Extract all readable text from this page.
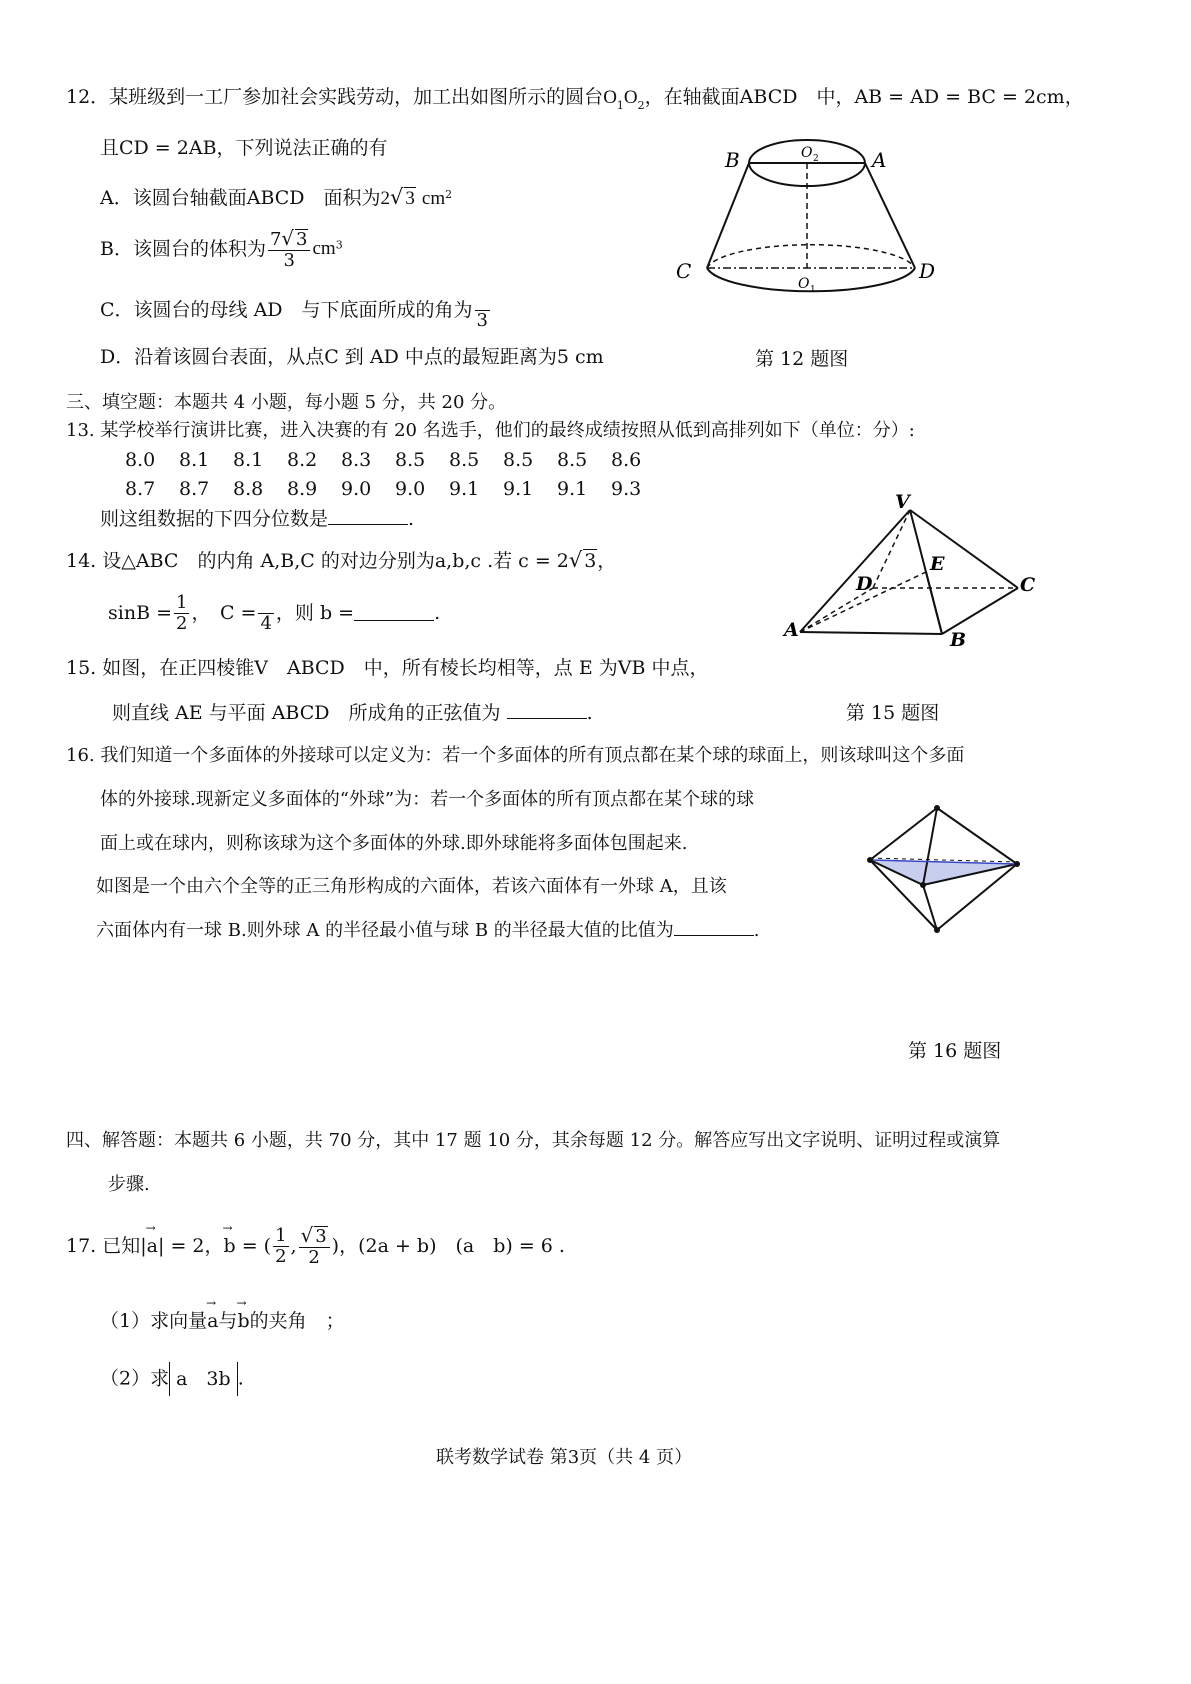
12．某班级到一工厂参加社会实践劳动，加工出如图所示的圆台$O_1O_2$，在轴截面ABCD　中，AB = AD = BC = 2cm，
且CD = 2AB，下列说法正确的有
A．该圆台轴截面ABCD　面积为2√ 3 $cm^2$
B．该圆台的体积为 $\frac{7√ 3}{3} cm^3$
C．该圆台的母线 AD　与下底面所成的角为
3
D．沿着该圆台表面，从点C 到 AD 中点的最短距离为5 cm	第 12 题图
B	A
C	D
O 2
O 1
三、填空题：本题共 4 小题，每小题 5 分，共 20 分。
13. 某学校举行演讲比赛，进入决赛的有 20 名选手，他们的最终成绩按照从低到高排列如下（单位：分）:
8.0 8.1 8.1 8.2 8.3 8.5 8.5 8.5 8.5 8.6
8.7 8.7 8.8 8.9 9.0 9.0 9.1 9.1 9.1 9.3
则这组数据的下四分位数是	.
14. 设△ABC　的内角 A,B,C 的对边分别为a,b,c .若 c = 2√ 3，
$\sin B = \frac{1}{2}$ ，　C =
4 ，则 b =	.
V
E
D	C
A	B
15. 如图，在正四棱锥V　ABCD　中，所有棱长均相等，点 E 为VB 中点，
则直线 AE 与平面 ABCD　所成角的正弦值为	.	第 15 题图
16. 我们知道一个多面体的外接球可以定义为：若一个多面体的所有顶点都在某个球的球面上，则该球叫这个多面
体的外接球.现新定义多面体的“外球”为：若一个多面体的所有顶点都在某个球的球
面上或在球内，则称该球为这个多面体的外球.即外球能将多面体包围起来.
如图是一个由六个全等的正三角形构成的六面体，若该六面体有一外球 A，且该
六面体内有一球 B.则外球 A 的半径最小值与球 B 的半径最大值的比值为	.
第 16 题图
四、解答题：本题共 6 小题，共 70 分，其中 17 题 10 分，其余每题 12 分。解答应写出文字说明、证明过程或演算
步骤.
17. 已知|→ a| = 2，→ b = ( $\frac{1}{2}$ , $\frac{√ 3}{2}$ )，(2a + b)　(a　b) = 6 .
（1）求向量→ a与→ b的夹角　；
（2）求 a　3b .
联考数学试卷 第3页（共 4 页）
